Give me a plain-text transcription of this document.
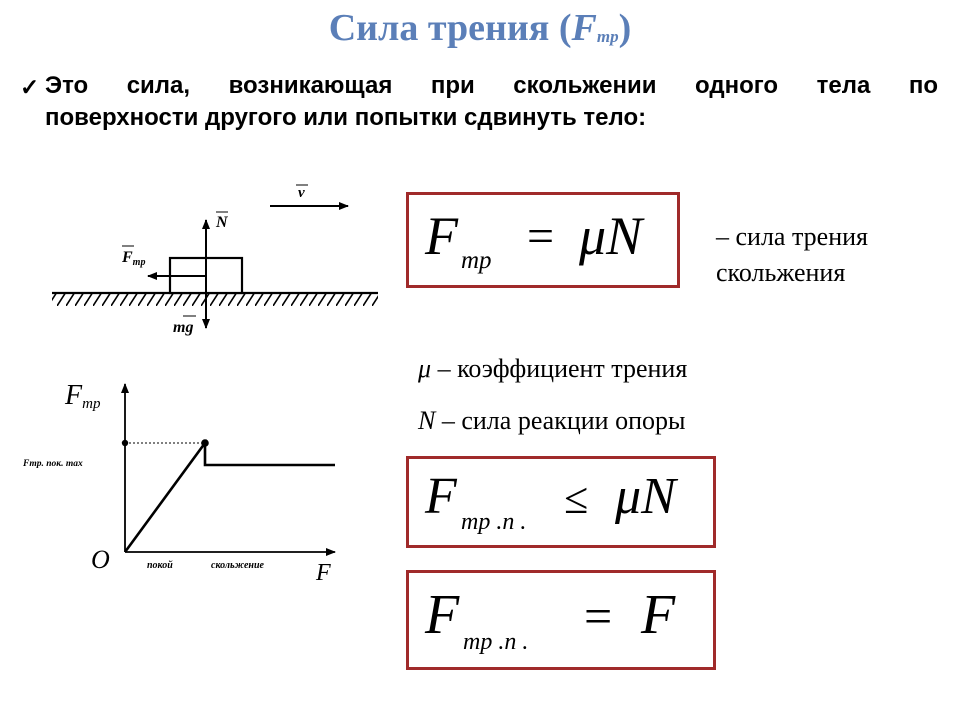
Сила трения (Fтр)
✓ Это сила, возникающая при скольжении одного тела по
поверхности другого или попытки сдвинуть тело:
v
N
Fтр
mg
Fтр
Fтр. пок. max
O	F
покой	скольжение
F тр = μN	– сила трения
скольжения
μ – коэффициент трения
N – сила реакции опоры
F тр .п . ≤ μN
F тр .п . = F
